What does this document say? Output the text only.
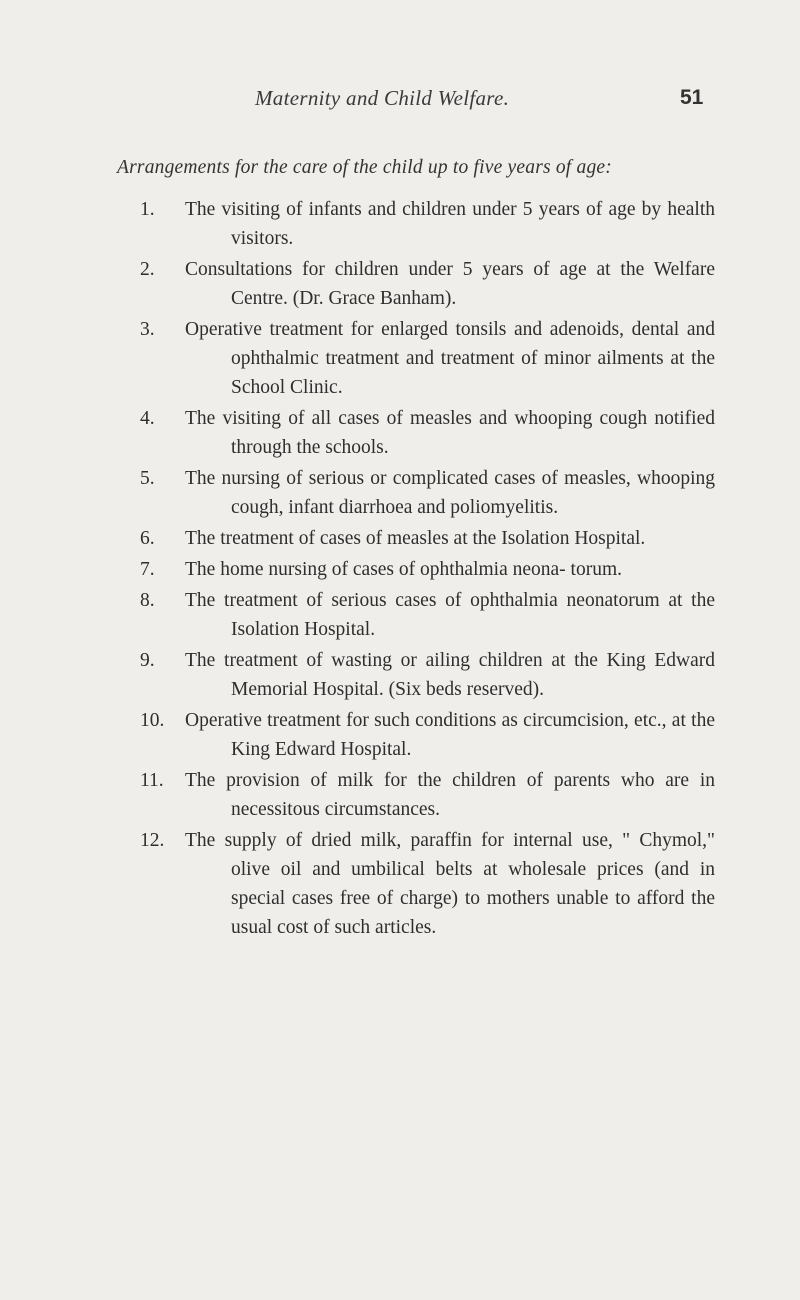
Maternity and Child Welfare.	51
Arrangements for the care of the child up to five years of age:
1.	The visiting of infants and children under 5 years of age by health visitors.
2.	Consultations for children under 5 years of age at the Welfare Centre. (Dr. Grace Banham).
3.	Operative treatment for enlarged tonsils and adenoids, dental and ophthalmic treatment and treatment of minor ailments at the School Clinic.
4.	The visiting of all cases of measles and whooping cough notified through the schools.
5.	The nursing of serious or complicated cases of measles, whooping cough, infant diarrhoea and poliomyelitis.
6.	The treatment of cases of measles at the Isolation Hospital.
7.	The home nursing of cases of ophthalmia neona- torum.
8.	The treatment of serious cases of ophthalmia neonatorum at the Isolation Hospital.
9.	The treatment of wasting or ailing children at the King Edward Memorial Hospital. (Six beds reserved).
10.	Operative treatment for such conditions as circumcision, etc., at the King Edward Hospital.
11.	The provision of milk for the children of parents who are in necessitous circumstances.
12.	The supply of dried milk, paraffin for internal use, " Chymol," olive oil and umbilical belts at wholesale prices (and in special cases free of charge) to mothers unable to afford the usual cost of such articles.
